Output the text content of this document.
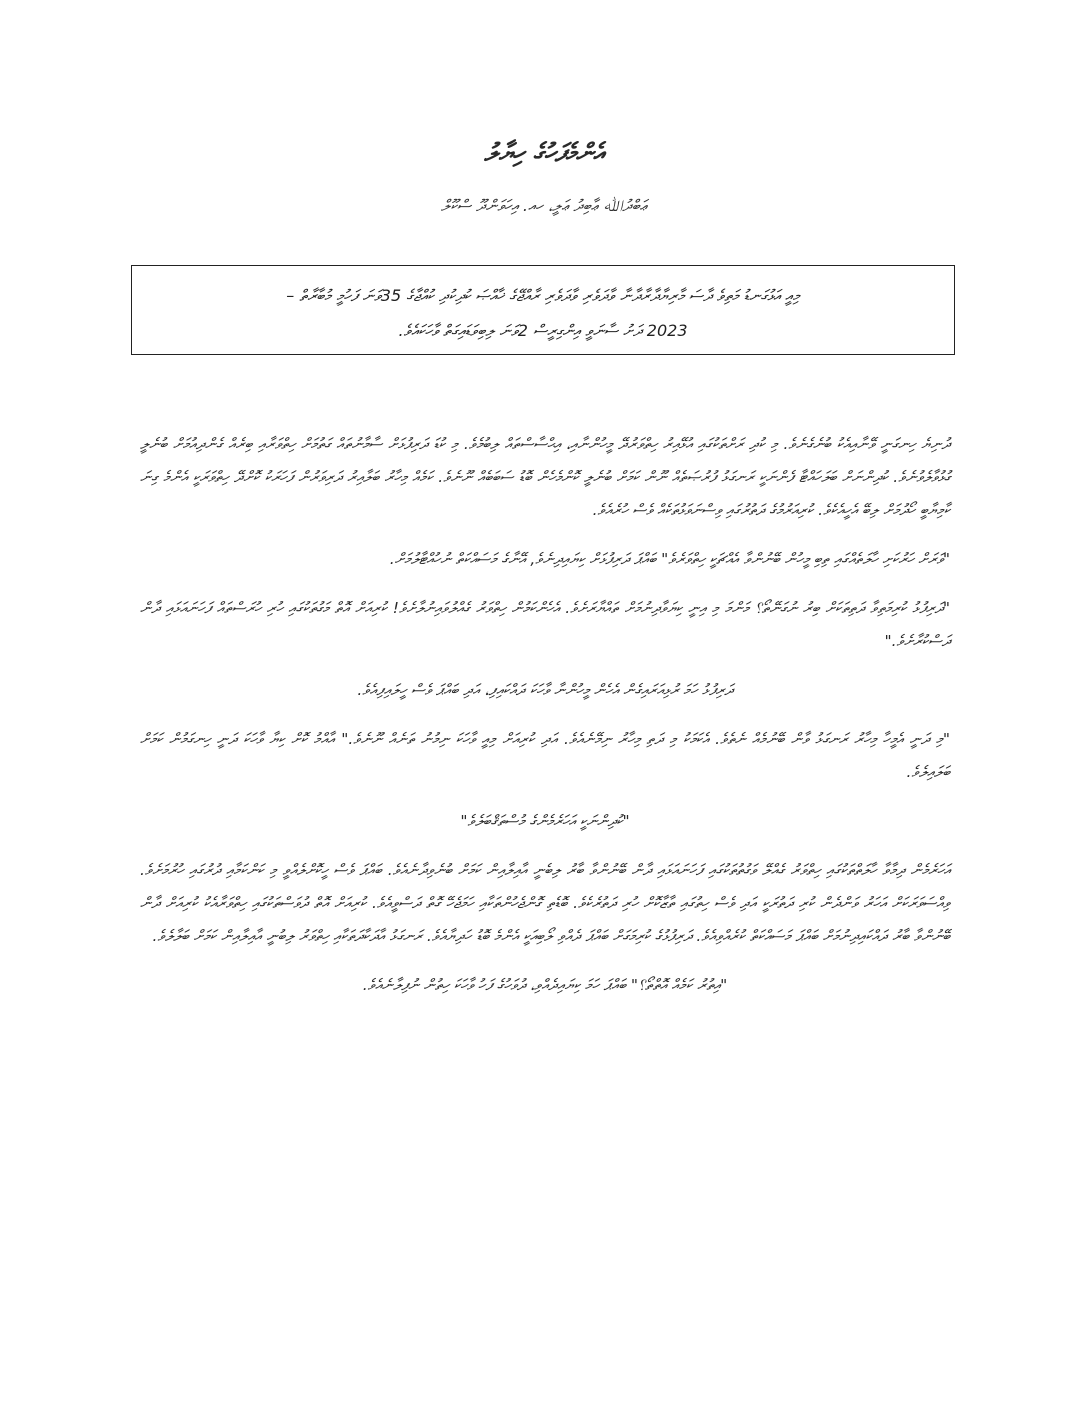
އެންމެފަހުގެ ހިޔާލު
ޢަބްދުﷲ ޢާބިދު ޢަލީ، ހއ. އިހަވަންދޫ ސްކޫލް
މިއީ އަޅުގަނޑު މަތިވެ ދާސަ މާރިޔާދާރާދާނާ ވާދަވެރި ވާދަވެރި ރާއްޖޭގެ ޚާއްޞަ ކުދިކުދި ކުއްޖާގެ 35ވަނަ ފަހުމީ މުބާރާތް –
2023 ދަށު ސާނަވީ އިންގިރީސް 2ވަނަ ލިބިވަޑައިގަތް ވާހަކައެވެ.

ދުނިޔެ ހިނގަނީ ވޭނާއިއެކު ބުނެގެނެވެ. މި ކުދި ރަށްތަކުގައި އުޅޭއިރު ހިތްވަރުދޭ މީހުންނާއި، އިޙްސާސްތައް ލިބުމެވެ. މި ކުޑަ ދަރިފުޅަށް ސާމާނުތައް ގަތުމަށް ހިތްވަރާއި ބިރެއް ގެންދިއުމަށް ބުނެލީ ގުޅުވާލެވުނެވެ. ކުދިންނަށް ބަލަހައްޓާ ފެންނަކީ ރަނގަޅު ފުރުޞަތެއް ނޫން ކަމަށް ބުނެލީ ކޮންމެހެން ބޮޑު ސަބަބެއް ނޫނެވެ. ކަމެއް މިހާރު ބަލާއިރު ދަރިވަރުން ފަހަރަކު ކޮށްދޭ ހިތްވަރަކީ އެންމެ ގިނަ ކާމިޔާބީ ހޯދުމަށް ލިބޭ އެހީއެކެވެ. ކުރިއަރުމުގެ ދަތުރުގައި ވިސްނަވަޅުތަކެއް ވެސް ހުރެއެވެ.

"ވަރަށް ހަރުކަށި ހާލަތެއްގައި ތިބި މީހުން ބޭނުންވާ އެއްޗަކީ ހިތްވަރެވެ" ބައްޕަ ދަރިފުޅަށް ކިޔައިދިނެވެ, އޭނާގެ މަސައްކަތް ނުހުއްޓާލުމަށް.

"ދަރިފުޅު ކުރިމަތިވާ ދަތިތަކަށް ބިރު ނުގަނޭތޯ؟ މަންމަ މި އިނީ ކިޔަވާދިނުމަށް ތައްޔާރަށެވެ. އެހެންކަމުން ހިތްވަރު ގެއްލުވައިނުލާށެވެ! ކުރިއަށް އޮތް މަގުތަކުގައި ހުރި ހުރަސްތައް ފަހަނައަޅައި ދާން ދަސްކުރާށެވެ."

ދަރިފުޅު ހަމަ ރުޅިއަރައިގެން އެހެން މީހުންނާ ވާހަކަ ދައްކައިފި، އަދި ބައްޕަ ވެސް ހީލައިފިއެވެ.

"މި ދަނީ އެމީހާ މިހާރު ރަނގަޅު ވާން ބޭނުމެއް ނެތެވެ. އެކަމަކު މި ދަތި މިހާރު ނިމޭނެއެވެ. އަދި ކުރިއަށް މިއީ ވާހަކަ ނިމުނު ތަނެއް ނޫނެވެ." އާއްމު ކޮށް ކިޔާ ވާހަކަ ދަނީ ހިނގަމުން ކަމަށް ބަލައިލެވެ.

"ކުދިންނަކީ އަހަރެމެންގެ މުސްތަޤްބަލެވެ"

އަހަރެމެން ދިމާވާ ހާލަތްތަކުގައި ހިތްވަރު ގެއްލޭ ވަގުތުތަކުގައި ފަހަނައަޅައި ދާން ބޭނުންވާ ބާރު ލިބެނީ އާއިލާއިން ކަމަށް ބުނެވިދާނެއެވެ. ބައްޕަ ވެސް ހީކޮށްލެއްވީ މި ކަންކަމާއި ދުރުގައި ހުރުމަށެވެ. ވިއްސަވަރަކަށް އަހަރު ވަންދެން ކުރި ދަތުރަކީ އަދި ވެސް ހިތުގައި ތާޒާކޮށް ހުރި ދަތުރެކެވެ. ބޮޑެތި ގޮންޖެހުންތަކާއި ހަމަޖެހޭ ގޮތް ދަސްވީއެވެ. ކުރިއަށް އޮތް ދުވަސްތަކުގައި ހިތްވަރާއެކު ކުރިއަށް ދާން ބޭނުންވާ ބާރު ދައްކައިދިނުމަށް ބައްޕަ މަސައްކަތް ކުރެއްވިއެވެ. ދަރިފުޅުގެ ކުރިމަގަށް ބައްޕަ ދެއްވި ލޯބިއަކީ އެންމެ ބޮޑު ހަދިޔާއެވެ. ރަނގަޅު އާދަކާދަތަކާއި ހިތްވަރު ލިބުނީ އާއިލާއިން ކަމަށް ބަލާލެވެ.

"އިތުރު ކަމެއް އޮތްތޯ؟" ބައްޕަ ހަމަ ކިޔައިދެއްވި، ދުވަހުގެ ފަހު ވާހަކަ ހިތުން ނުފިލާނެއެވެ.
